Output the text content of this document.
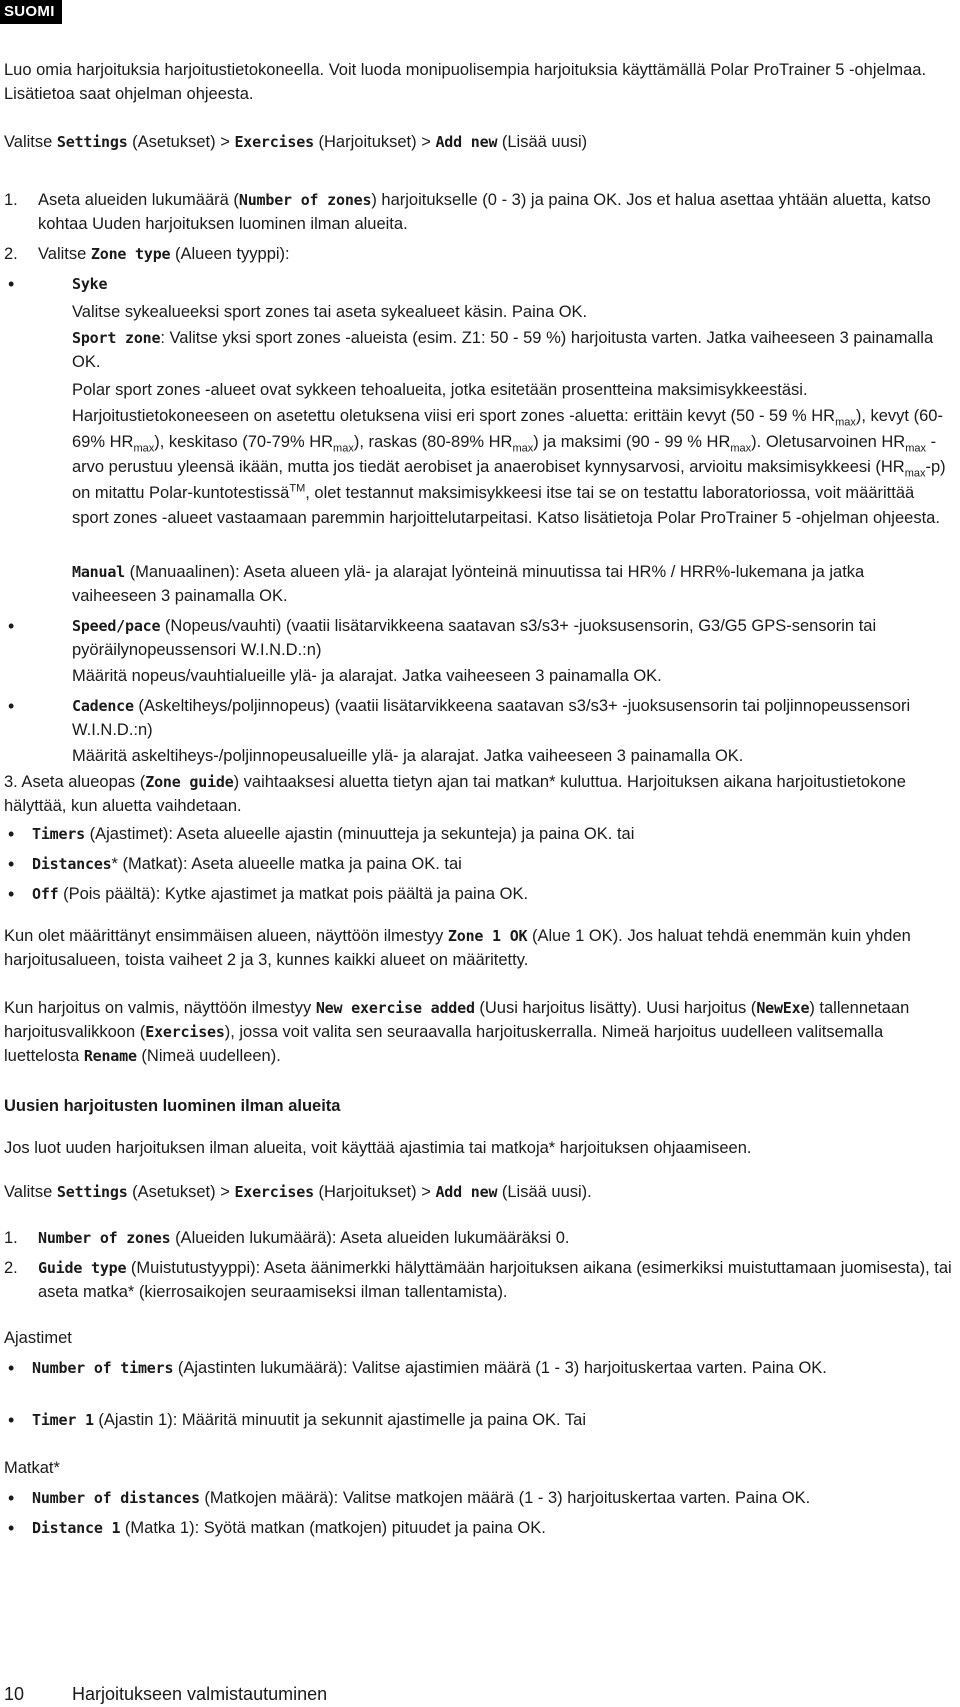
SUOMI

Luo omia harjoituksia harjoitustietokoneella. Voit luoda monipuolisempia harjoituksia käyttämällä Polar ProTrainer 5 -ohjelmaa. Lisätietoa saat ohjelman ohjeesta.

Valitse Settings (Asetukset) > Exercises (Harjoitukset) > Add new (Lisää uusi)

1.	Aseta alueiden lukumäärä (Number of zones) harjoitukselle (0 - 3) ja paina OK. Jos et halua asettaa yhtään aluetta, katso kohtaa Uuden harjoituksen luominen ilman alueita.

2.	Valitse Zone type (Alueen tyyppi):

•	Syke

Valitse sykealueeksi sport zones tai aseta sykealueet käsin. Paina OK.

Sport zone: Valitse yksi sport zones -alueista (esim. Z1: 50 - 59 %) harjoitusta varten. Jatka vaiheeseen 3 painamalla OK.

Polar sport zones -alueet ovat sykkeen tehoalueita, jotka esitetään prosentteina maksimisykkeestäsi.

Harjoitustietokoneeseen on asetettu oletuksena viisi eri sport zones -aluetta: erittäin kevyt (50 - 59 % $HR_{max}$), kevyt (60-69% $HR_{max}$), keskitaso (70-79% $HR_{max}$), raskas (80-89% $HR_{max}$) ja maksimi (90 - 99 % $HR_{max}$). Oletusarvoinen $HR_{max}$ -arvo perustuu yleensä ikään, mutta jos tiedät aerobiset ja anaerobiset kynnysarvosi, arvioitu maksimisykkeesi $(HR_{max}-p)$ on mitattu Polar-kuntotestissä™, olet testannut maksimisykkeesi itse tai se on testattu laboratoriossa, voit määrittää sport zones -alueet vastaamaan paremmin harjoittelutarpeitasi. Katso lisätietoja Polar ProTrainer 5 -ohjelman ohjeesta.

Manual (Manuaalinen): Aseta alueen ylä- ja alarajat lyönteinä minuutissa tai HR% / HRR%-lukemana ja jatka vaiheeseen 3 painamalla OK.

•	Speed/pace (Nopeus/vauhti) (vaatii lisätarvikkeena saatavan s3/s3+ -juoksusensorin, G3/G5 GPS-sensorin tai pyöräilynopeussensori W.I.N.D.:n)

Määritä nopeus/vauhtialueille ylä- ja alarajat. Jatka vaiheeseen 3 painamalla OK.

•	Cadence (Askeltiheys/poljinnopeus) (vaatii lisätarvikkeena saatavan s3/s3+ -juoksusensorin tai poljinnopeussensori W.I.N.D.:n)

Määritä askeltiheys-/poljinnopeusalueille ylä- ja alarajat. Jatka vaiheeseen 3 painamalla OK.

3. Aseta alueopas (Zone guide) vaihtaaksesi aluetta tietyn ajan tai matkan* kuluttua. Harjoituksen aikana harjoitustietokone hälyttää, kun aluetta vaihdetaan.

•	Timers (Ajastimet): Aseta alueelle ajastin (minuutteja ja sekunteja) ja paina OK. tai

•	Distances* (Matkat): Aseta alueelle matka ja paina OK. tai

•	Off (Pois päältä): Kytke ajastimet ja matkat pois päältä ja paina OK.

Kun olet määrittänyt ensimmäisen alueen, näyttöön ilmestyy Zone 1 OK (Alue 1 OK). Jos haluat tehdä enemmän kuin yhden harjoitusalueen, toista vaiheet 2 ja 3, kunnes kaikki alueet on määritetty.

Kun harjoitus on valmis, näyttöön ilmestyy New exercise added (Uusi harjoitus lisätty). Uusi harjoitus (NewExe) tallennetaan harjoitusvalikkoon (Exercises), jossa voit valita sen seuraavalla harjoituskerralla. Nimeä harjoitus uudelleen valitsemalla luettelosta Rename (Nimeä uudelleen).

Uusien harjoitusten luominen ilman alueita

Jos luot uuden harjoituksen ilman alueita, voit käyttää ajastimia tai matkoja* harjoituksen ohjaamiseen.

Valitse Settings (Asetukset) > Exercises (Harjoitukset) > Add new (Lisää uusi).

1.	Number of zones (Alueiden lukumäärä): Aseta alueiden lukumääräksi 0.

2.	Guide type (Muistutustyyppi): Aseta äänimerkki hälyttämään harjoituksen aikana (esimerkiksi muistuttamaan juomisesta), tai aseta matka* (kierrosaikojen seuraamiseksi ilman tallentamista).

Ajastimet

•	Number of timers (Ajastinten lukumäärä): Valitse ajastimien määrä (1 - 3) harjoituskertaa varten. Paina OK.

•	Timer 1 (Ajastin 1): Määritä minuutit ja sekunnit ajastimelle ja paina OK. Tai

Matkat*

•	Number of distances (Matkojen määrä): Valitse matkojen määrä (1 - 3) harjoituskertaa varten. Paina OK.

•	Distance 1 (Matka 1): Syötä matkan (matkojen) pituudet ja paina OK.

10	Harjoitukseen valmistautuminen
